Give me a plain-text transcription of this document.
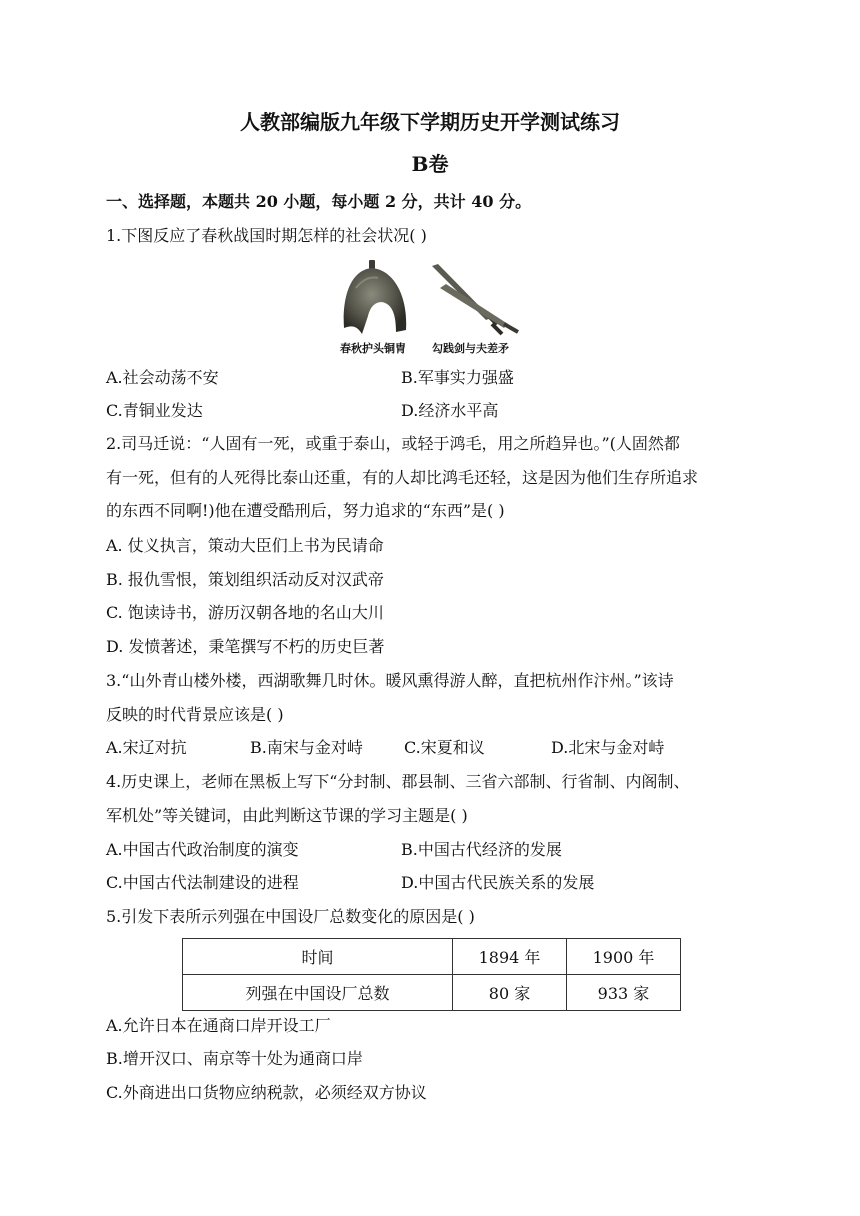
人教部编版九年级下学期历史开学测试练习
B卷
一、选择题，本题共 20 小题，每小题 2 分，共计 40 分。
1.下图反应了春秋战国时期怎样的社会状况( )
春秋护头铜胄 勾践剑与夫差矛
A.社会动荡不安	B.军事实力强盛
C.青铜业发达	D.经济水平高
2.司马迁说：“人固有一死，或重于泰山，或轻于鸿毛，用之所趋异也。”(人固然都
有一死，但有的人死得比泰山还重，有的人却比鸿毛还轻，这是因为他们生存所追求
的东西不同啊!)他在遭受酷刑后，努力追求的“东西”是( )
A. 仗义执言，策动大臣们上书为民请命
B. 报仇雪恨，策划组织活动反对汉武帝
C. 饱读诗书，游历汉朝各地的名山大川
D. 发愤著述，秉笔撰写不朽的历史巨著
3.“山外青山楼外楼，西湖歌舞几时休。暖风熏得游人醉，直把杭州作汴州。”该诗
反映的时代背景应该是( )
A.宋辽对抗	B.南宋与金对峙	C.宋夏和议	D.北宋与金对峙
4.历史课上，老师在黑板上写下“分封制、郡县制、三省六部制、行省制、内阁制、
军机处”等关键词，由此判断这节课的学习主题是( )
A.中国古代政治制度的演变	B.中国古代经济的发展
C.中国古代法制建设的进程	D.中国古代民族关系的发展
5.引发下表所示列强在中国设厂总数变化的原因是( )
时间	1894 年	1900 年
列强在中国设厂总数	80 家	933 家
A.允许日本在通商口岸开设工厂
B.增开汉口、南京等十处为通商口岸
C.外商进出口货物应纳税款，必须经双方协议
